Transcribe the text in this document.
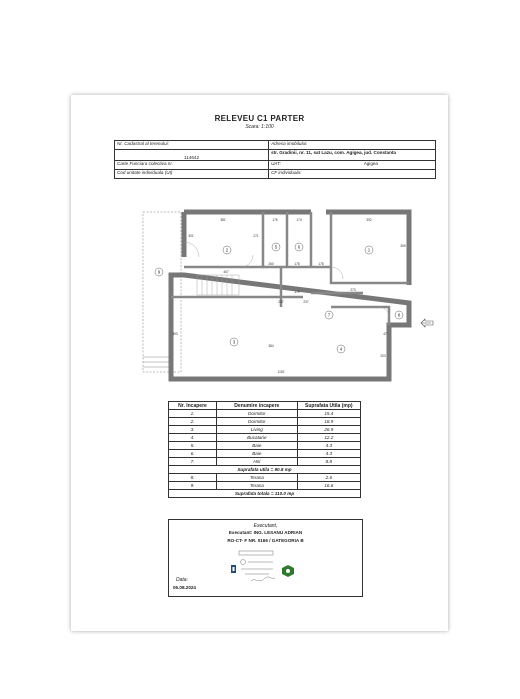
RELEVEU C1 PARTER
Scara: 1:100
Nr. Cadastral al terenului:	Adresa imobilului:
114642	str. Gradinii, nr. 11, sat Lazu, com. Agigea, jud. Constanta
Carte Funciara colectiva nr.	UAT: Agigea

Cod unitate individuala (UI)	CF individuala:
381	176	174	392
301
305
271
260	178	178
407
257
273
170
237
393
384
1152
203
47
1
2
3
4
5	6
7	8
9
Nr. Incapere	Denumire incapere	Suprafata Utila (mp)
1.	Dormitor	15.4
2.	Dormitor	18.9
3.	Living	26.9
4.	Bucatarie	12.2
5.	Baie	4.3
6.	Baie	4.3
7.	Hol	8.8
Suprafata utila = 90.8 mp		
8.	Terasa	2.6
9.	Terasa	16.6
Suprafata totala = 110.0 mp		
Executant,
Executant: ING. LESANU ADRIAN
RO-CT- F NR. 0166 / GATEGORIA B
Data:
05.08.2024
